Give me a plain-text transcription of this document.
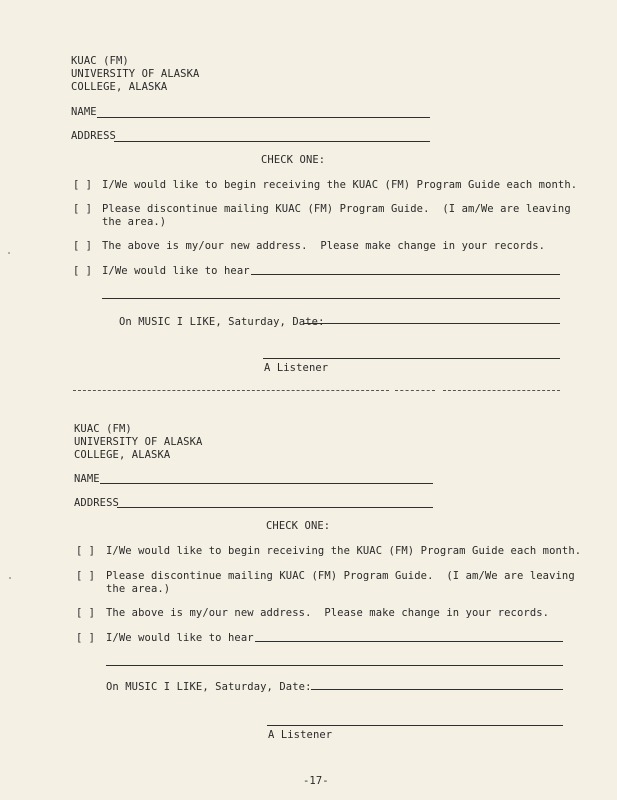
KUAC (FM)
UNIVERSITY OF ALASKA
COLLEGE, ALASKA
NAME
ADDRESS
CHECK ONE:
[ ] I/We would like to begin receiving the KUAC (FM) Program Guide each month.
[ ] Please discontinue mailing KUAC (FM) Program Guide.  (I am/We are leaving
the area.)
[ ] The above is my/our new address.  Please make change in your records.
[ ] I/We would like to hear
On MUSIC I LIKE, Saturday, Date:
A Listener
KUAC (FM)
UNIVERSITY OF ALASKA
COLLEGE, ALASKA
NAME
ADDRESS
CHECK ONE:
[ ] I/We would like to begin receiving the KUAC (FM) Program Guide each month.
[ ] Please discontinue mailing KUAC (FM) Program Guide.  (I am/We are leaving
the area.)
[ ] The above is my/our new address.  Please make change in your records.
[ ] I/We would like to hear
On MUSIC I LIKE, Saturday, Date:
A Listener
-17-
